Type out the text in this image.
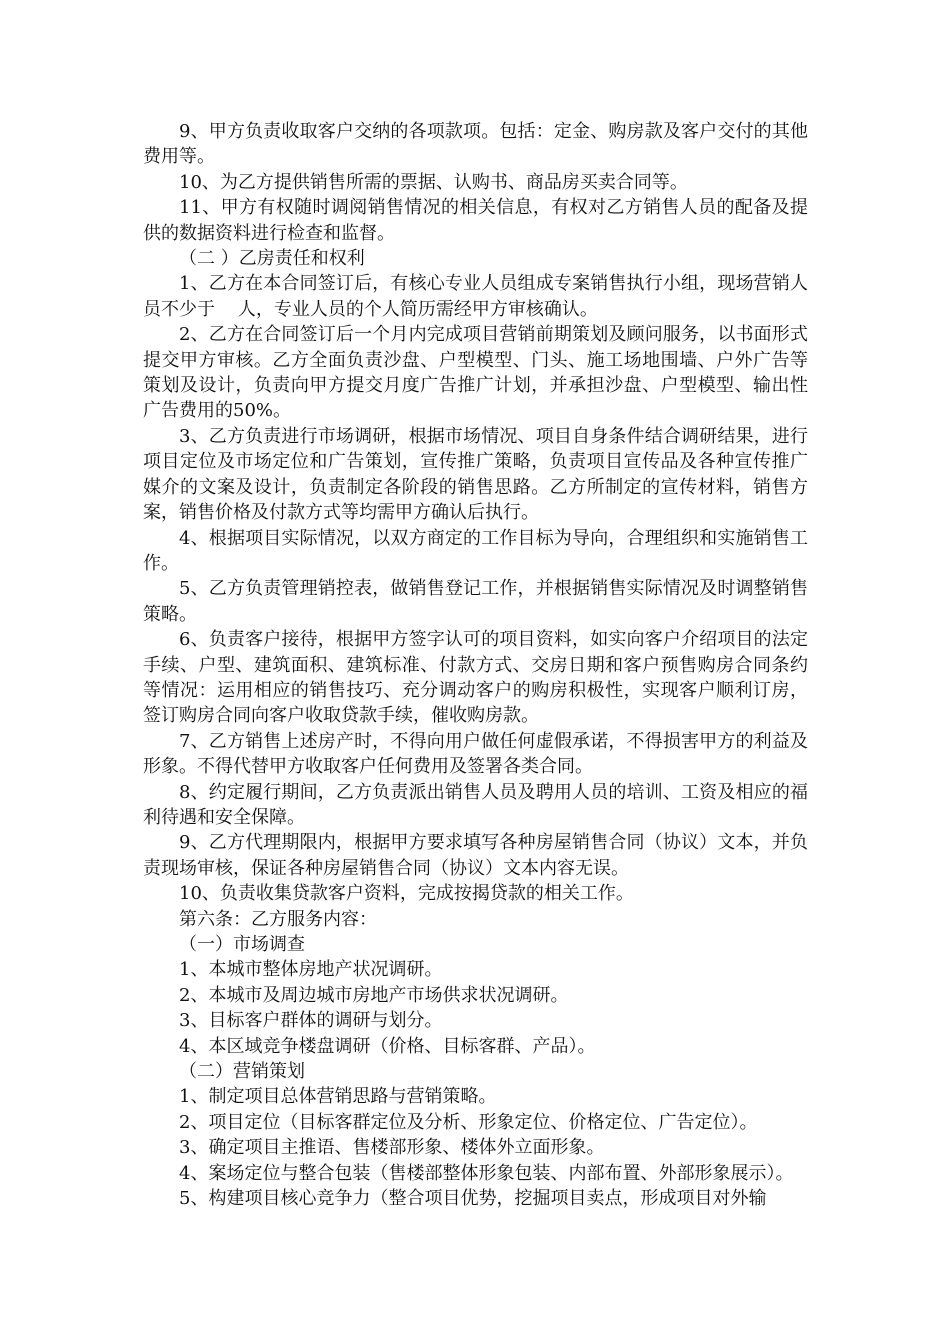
9、甲方负责收取客户交纳的各项款项。包括：定金、购房款及客户交付的其他费用等。

10、为乙方提供销售所需的票据、认购书、商品房买卖合同等。

11、甲方有权随时调阅销售情况的相关信息，有权对乙方销售人员的配备及提供的数据资料进行检查和监督。

（二 ）乙房责任和权利

1、乙方在本合同签订后，有核心专业人员组成专案销售执行小组，现场营销人员不少于    人，专业人员的个人简历需经甲方审核确认。

2、乙方在合同签订后一个月内完成项目营销前期策划及顾问服务，以书面形式提交甲方审核。乙方全面负责沙盘、户型模型、门头、施工场地围墙、户外广告等策划及设计，负责向甲方提交月度广告推广计划，并承担沙盘、户型模型、输出性广告费用的50%。

3、乙方负责进行市场调研，根据市场情况、项目自身条件结合调研结果，进行项目定位及市场定位和广告策划，宣传推广策略，负责项目宣传品及各种宣传推广媒介的文案及设计，负责制定各阶段的销售思路。乙方所制定的宣传材料，销售方案，销售价格及付款方式等均需甲方确认后执行。

4、根据项目实际情况，以双方商定的工作目标为导向，合理组织和实施销售工作。

5、乙方负责管理销控表，做销售登记工作，并根据销售实际情况及时调整销售策略。

6、负责客户接待，根据甲方签字认可的项目资料，如实向客户介绍项目的法定手续、户型、建筑面积、建筑标准、付款方式、交房日期和客户预售购房合同条约等情况：运用相应的销售技巧、充分调动客户的购房积极性，实现客户顺利订房，签订购房合同向客户收取贷款手续，催收购房款。

7、乙方销售上述房产时，不得向用户做任何虚假承诺，不得损害甲方的利益及形象。不得代替甲方收取客户任何费用及签署各类合同。

8、约定履行期间，乙方负责派出销售人员及聘用人员的培训、工资及相应的福利待遇和安全保障。

9、乙方代理期限内，根据甲方要求填写各种房屋销售合同（协议）文本，并负责现场审核，保证各种房屋销售合同（协议）文本内容无误。

10、负责收集贷款客户资料，完成按揭贷款的相关工作。

第六条：乙方服务内容：

（一）市场调查

1、本城市整体房地产状况调研。

2、本城市及周边城市房地产市场供求状况调研。

3、目标客户群体的调研与划分。

4、本区域竞争楼盘调研（价格、目标客群、产品）。

（二）营销策划

1、制定项目总体营销思路与营销策略。

2、项目定位（目标客群定位及分析、形象定位、价格定位、广告定位）。

3、确定项目主推语、售楼部形象、楼体外立面形象。

4、案场定位与整合包装（售楼部整体形象包装、内部布置、外部形象展示）。

5、构建项目核心竞争力（整合项目优势，挖掘项目卖点，形成项目对外输
